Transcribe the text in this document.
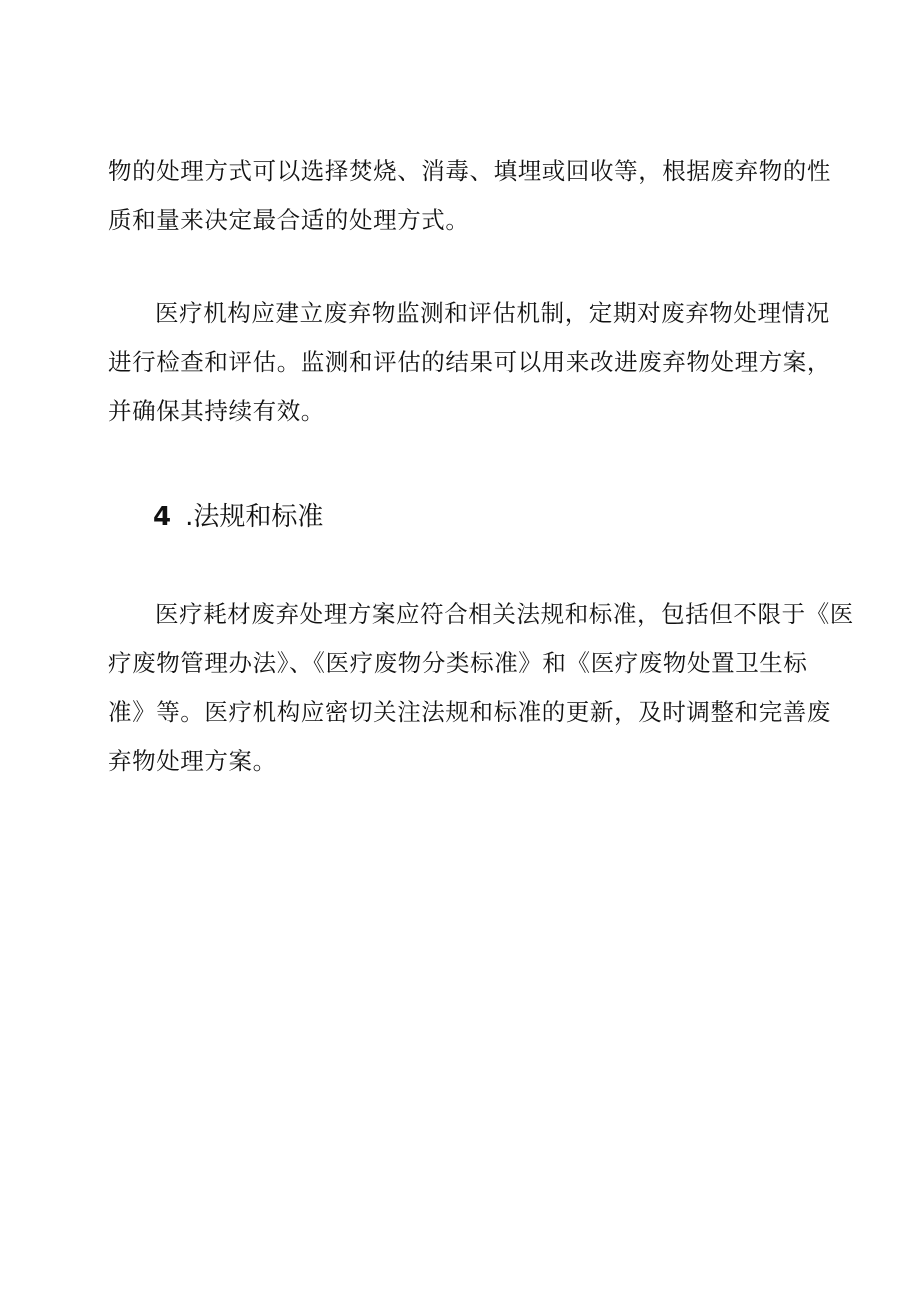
物的处理方式可以选择焚烧、消毒、填埋或回收等，根据废弃物的性
质和量来决定最合适的处理方式。
医疗机构应建立废弃物监测和评估机制，定期对废弃物处理情况
进行检查和评估。监测和评估的结果可以用来改进废弃物处理方案，
并确保其持续有效。
4 .法规和标准
医疗耗材废弃处理方案应符合相关法规和标准，包括但不限于《医
疗废物管理办法》、《医疗废物分类标准》和《医疗废物处置卫生标
准》等。医疗机构应密切关注法规和标准的更新，及时调整和完善废
弃物处理方案。
